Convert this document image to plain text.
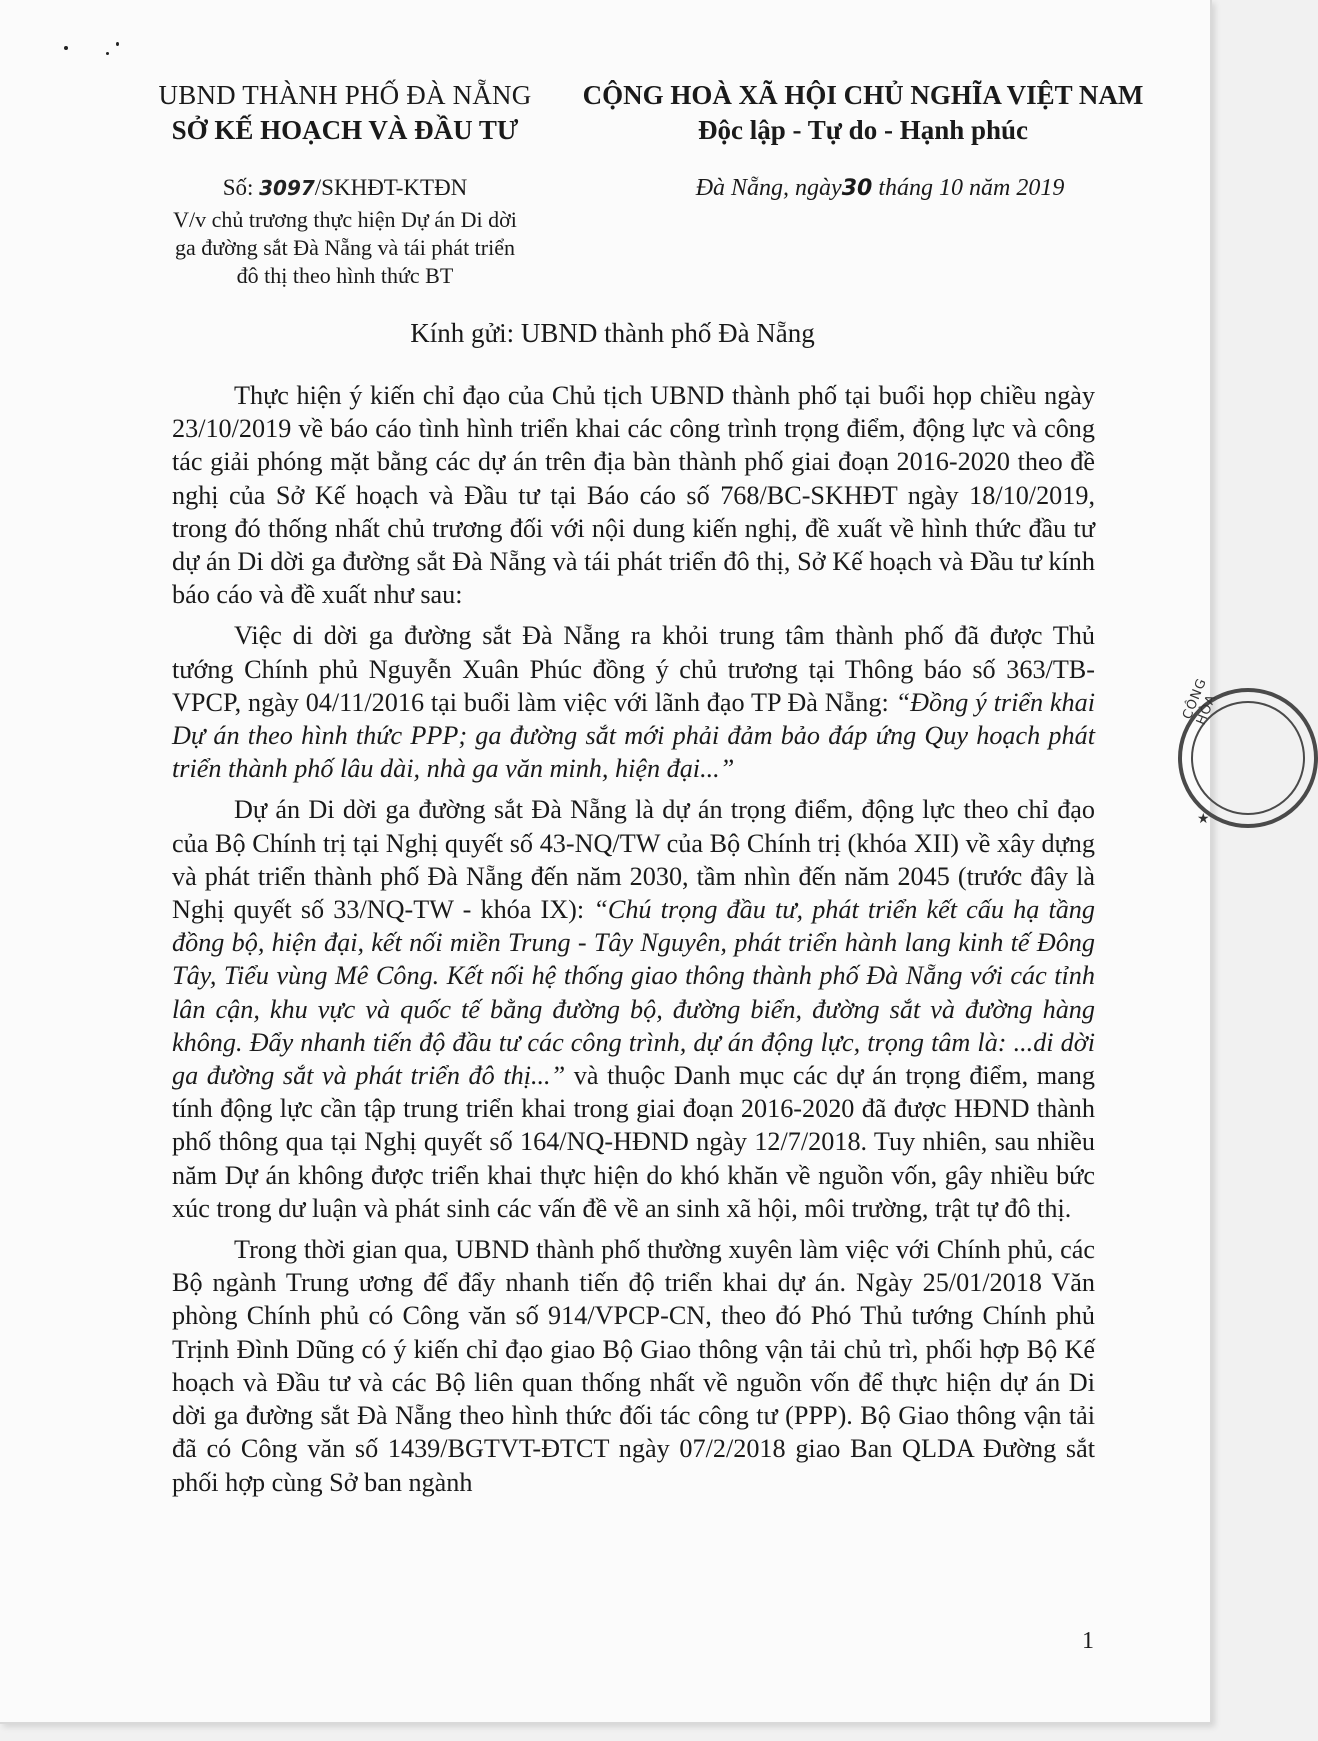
UBND THÀNH PHỐ ĐÀ NẴNG
SỞ KẾ HOẠCH VÀ ĐẦU TƯ
CỘNG HOÀ XÃ HỘI CHỦ NGHĨA VIỆT NAM
Độc lập - Tự do - Hạnh phúc
Số: 3097/SKHĐT-KTĐN
V/v chủ trương thực hiện Dự án Di dời
ga đường sắt Đà Nẵng và tái phát triển
đô thị theo hình thức BT
Đà Nẵng, ngày30 tháng 10 năm 2019
Kính gửi: UBND thành phố Đà Nẵng

Thực hiện ý kiến chỉ đạo của Chủ tịch UBND thành phố tại buổi họp chiều ngày 23/10/2019 về báo cáo tình hình triển khai các công trình trọng điểm, động lực và công tác giải phóng mặt bằng các dự án trên địa bàn thành phố giai đoạn 2016-2020 theo đề nghị của Sở Kế hoạch và Đầu tư tại Báo cáo số 768/BC-SKHĐT ngày 18/10/2019, trong đó thống nhất chủ trương đối với nội dung kiến nghị, đề xuất về hình thức đầu tư dự án Di dời ga đường sắt Đà Nẵng và tái phát triển đô thị, Sở Kế hoạch và Đầu tư kính báo cáo và đề xuất như sau:

Việc di dời ga đường sắt Đà Nẵng ra khỏi trung tâm thành phố đã được Thủ tướng Chính phủ Nguyễn Xuân Phúc đồng ý chủ trương tại Thông báo số 363/TB-VPCP, ngày 04/11/2016 tại buổi làm việc với lãnh đạo TP Đà Nẵng: “Đồng ý triển khai Dự án theo hình thức PPP; ga đường sắt mới phải đảm bảo đáp ứng Quy hoạch phát triển thành phố lâu dài, nhà ga văn minh, hiện đại...”

Dự án Di dời ga đường sắt Đà Nẵng là dự án trọng điểm, động lực theo chỉ đạo của Bộ Chính trị tại Nghị quyết số 43-NQ/TW của Bộ Chính trị (khóa XII) về xây dựng và phát triển thành phố Đà Nẵng đến năm 2030, tầm nhìn đến năm 2045 (trước đây là Nghị quyết số 33/NQ-TW - khóa IX): “Chú trọng đầu tư, phát triển kết cấu hạ tầng đồng bộ, hiện đại, kết nối miền Trung - Tây Nguyên, phát triển hành lang kinh tế Đông Tây, Tiểu vùng Mê Công. Kết nối hệ thống giao thông thành phố Đà Nẵng với các tỉnh lân cận, khu vực và quốc tế bằng đường bộ, đường biển, đường sắt và đường hàng không. Đẩy nhanh tiến độ đầu tư các công trình, dự án động lực, trọng tâm là: ...di dời ga đường sắt và phát triển đô thị...” và thuộc Danh mục các dự án trọng điểm, mang tính động lực cần tập trung triển khai trong giai đoạn 2016-2020 đã được HĐND thành phố thông qua tại Nghị quyết số 164/NQ-HĐND ngày 12/7/2018. Tuy nhiên, sau nhiều năm Dự án không được triển khai thực hiện do khó khăn về nguồn vốn, gây nhiều bức xúc trong dư luận và phát sinh các vấn đề về an sinh xã hội, môi trường, trật tự đô thị.

Trong thời gian qua, UBND thành phố thường xuyên làm việc với Chính phủ, các Bộ ngành Trung ương để đẩy nhanh tiến độ triển khai dự án. Ngày 25/01/2018 Văn phòng Chính phủ có Công văn số 914/VPCP-CN, theo đó Phó Thủ tướng Chính phủ Trịnh Đình Dũng có ý kiến chỉ đạo giao Bộ Giao thông vận tải chủ trì, phối hợp Bộ Kế hoạch và Đầu tư và các Bộ liên quan thống nhất về nguồn vốn để thực hiện dự án Di dời ga đường sắt Đà Nẵng theo hình thức đối tác công tư (PPP). Bộ Giao thông vận tải đã có Công văn số 1439/BGTVT-ĐTCT ngày 07/2/2018 giao Ban QLDA Đường sắt phối hợp cùng Sở ban ngành

1
CÔNG HÒA
★
